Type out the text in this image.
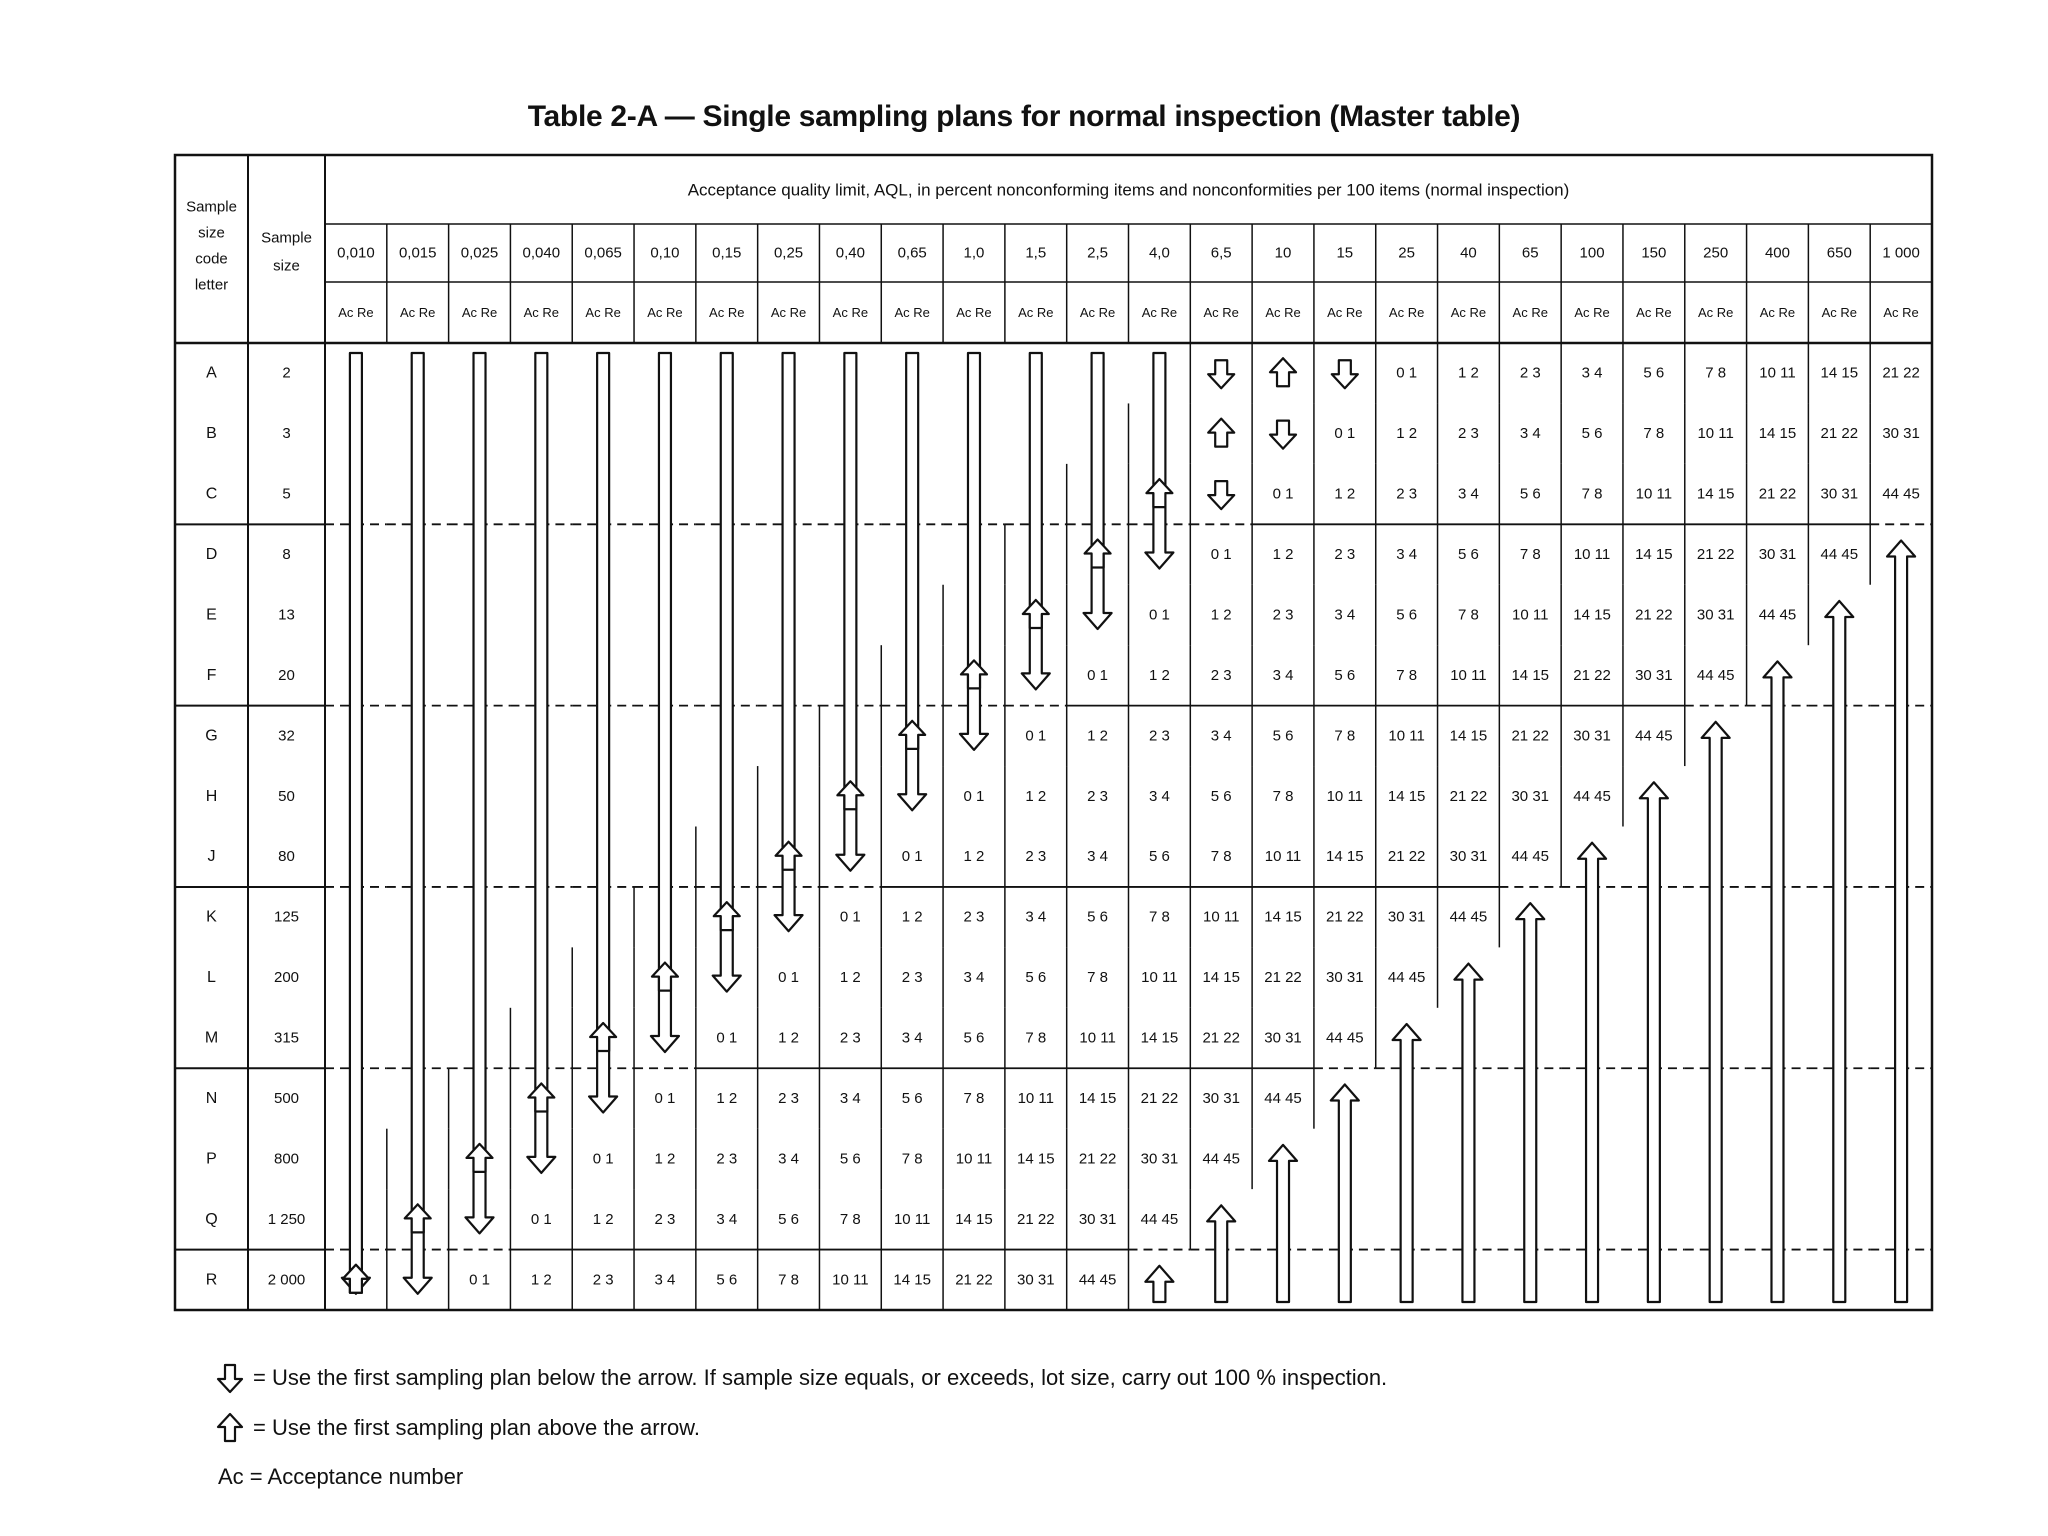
Table 2-A — Single sampling plans for normal inspection (Master table)
Sample
size
code
letter
Sample
size
Acceptance quality limit, AQL, in percent nonconforming items and nonconformities per 100 items (normal inspection)
0,010
Ac Re
0,015
Ac Re
0,025
Ac Re
0,040
Ac Re
0,065
Ac Re
0,10
Ac Re
0,15
Ac Re
0,25
Ac Re
0,40
Ac Re
0,65
Ac Re
1,0
Ac Re
1,5
Ac Re
2,5
Ac Re
4,0
Ac Re
6,5
Ac Re
10
Ac Re
15
Ac Re
25
Ac Re
40
Ac Re
65
Ac Re
100
Ac Re
150
Ac Re
250
Ac Re
400
Ac Re
650
Ac Re
1 000
Ac Re
A
B
C
D
E
F
G
H
J
K
L
M
N
P
Q
R
2
3
5
8
13
20
32
50
80
125
200
315
500
800
1 250
2 000	0 1
0 1
1 2
0 1
1 2
2 3
0 1
1 2
2 3
3 4
0 1
1 2
2 3
3 4
5 6
0 1
1 2
2 3
3 4
5 6
7 8
0 1
1 2
2 3
3 4
5 6
7 8
10 11
0 1
1 2
2 3
3 4
5 6
7 8
10 11
14 15
0 1
1 2
2 3
3 4
5 6
7 8
10 11
14 15
21 22
0 1
1 2
2 3
3 4
5 6
7 8
10 11
14 15
21 22
30 31
0 1
1 2
2 3
3 4
5 6
7 8
10 11
14 15
21 22
30 31
44 45
0 1
1 2
2 3
3 4
5 6
7 8
10 11
14 15
21 22
30 31
44 45
0 1
1 2
2 3
3 4
5 6
7 8
10 11
14 15
21 22
30 31
44 45
0 1
1 2
2 3
3 4
5 6
7 8
10 11
14 15
21 22
30 31
44 45
0 1
1 2
2 3
3 4
5 6
7 8
10 11
14 15
21 22
30 31
44 45
0 1
1 2
2 3
3 4
5 6
7 8
10 11
14 15
21 22
30 31
44 45
1 2
2 3
3 4
5 6
7 8
10 11
14 15
21 22
30 31
44 45
2 3
3 4
5 6
7 8
10 11
14 15
21 22
30 31
44 45
3 4
5 6
7 8
10 11
14 15
21 22
30 31
44 45
5 6
7 8
10 11
14 15
21 22
30 31
44 45
7 8
10 11
14 15
21 22
30 31
44 45
10 11
14 15
21 22
30 31
44 45
14 15
21 22
30 31
44 45
21 22
30 31
44 45
= Use the first sampling plan below the arrow. If sample size equals, or exceeds, lot size, carry out 100 % inspection.
= Use the first sampling plan above the arrow.
Ac = Acceptance number
